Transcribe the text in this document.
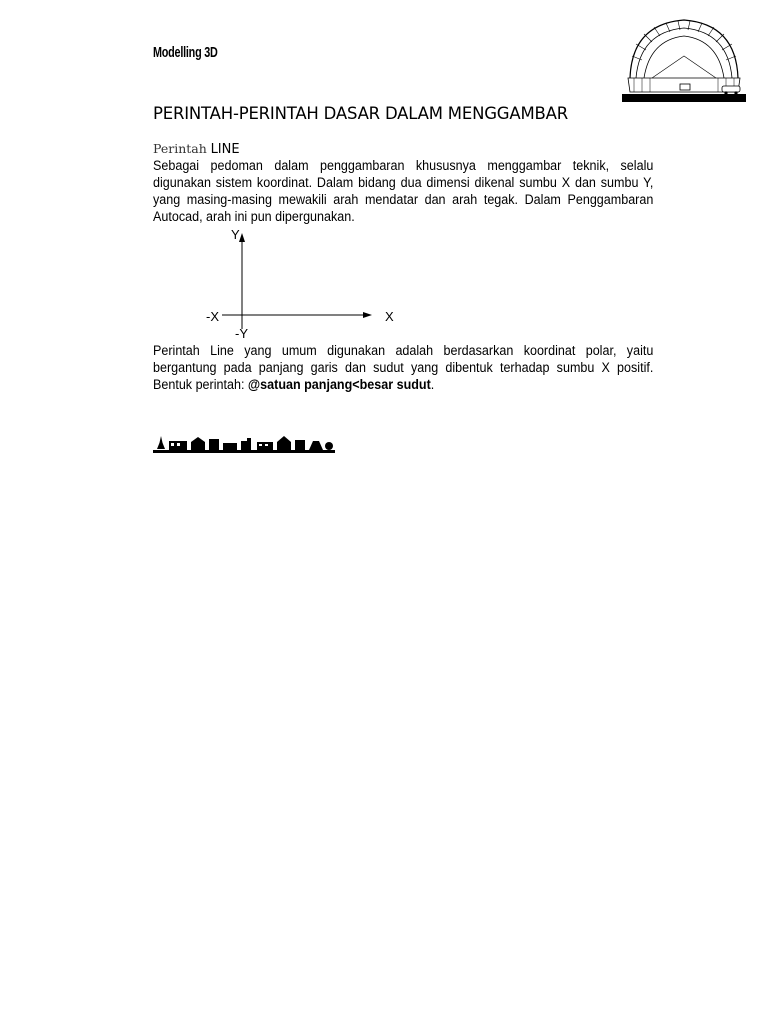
Modelling 3D
PERINTAH-PERINTAH DASAR DALAM MENGGAMBAR
Perintah LINE

Sebagai pedoman dalam penggambaran khususnya menggambar teknik, selalu digunakan sistem koordinat. Dalam bidang dua dimensi dikenal sumbu X dan sumbu Y, yang masing-masing mewakili arah mendatar dan arah tegak. Dalam Penggambaran Autocad, arah ini pun dipergunakan.

Y
-Y
X
-X

Perintah Line yang umum digunakan adalah berdasarkan koordinat polar, yaitu bergantung pada panjang garis dan sudut yang dibentuk terhadap sumbu X positif. Bentuk perintah: @satuan panjang<besar sudut.
